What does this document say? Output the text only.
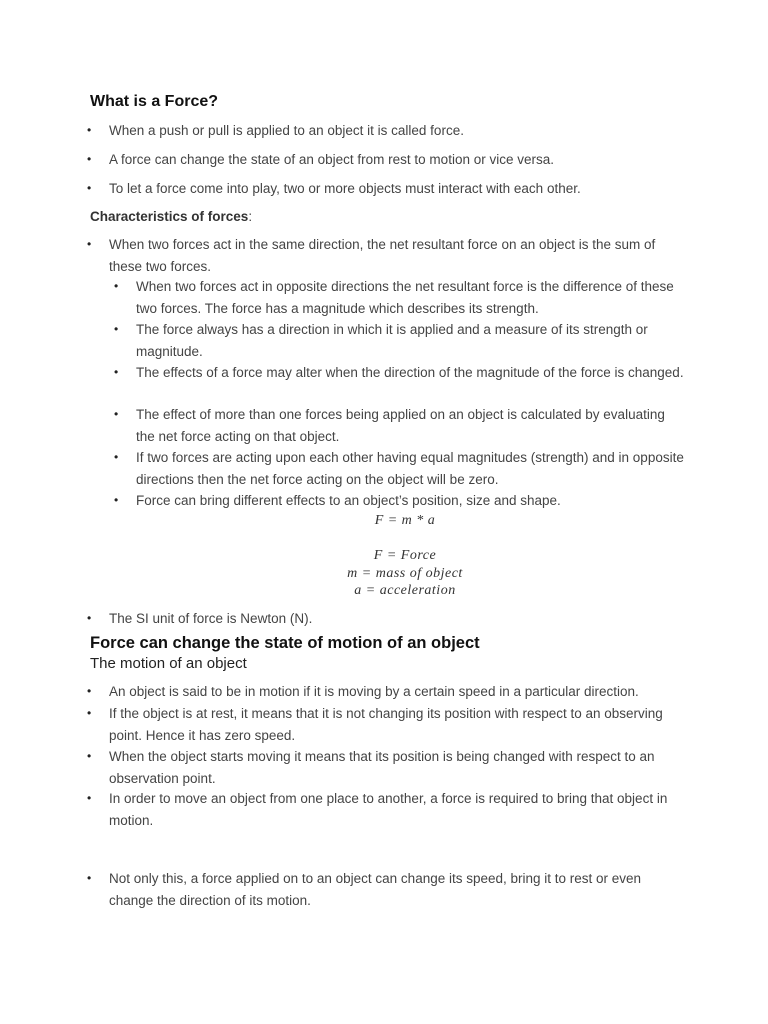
What is a Force?
• When a push or pull is applied to an object it is called force.
• A force can change the state of an object from rest to motion or vice versa.
• To let a force come into play, two or more objects must interact with each other.
Characteristics of forces:
• When two forces act in the same direction, the net resultant force on an object is the sum of these two forces.
• When two forces act in opposite directions the net resultant force is the difference of these two forces. The force has a magnitude which describes its strength.
• The force always has a direction in which it is applied and a measure of its strength or magnitude.
• The effects of a force may alter when the direction of the magnitude of the force is changed.
• The effect of more than one forces being applied on an object is calculated by evaluating the net force acting on that object.
• If two forces are acting upon each other having equal magnitudes (strength) and in opposite directions then the net force acting on the object will be zero.
• Force can bring different effects to an object’s position, size and shape.
F = m * a
F = Force
m = mass of object
a = acceleration
• The SI unit of force is Newton (N).
Force can change the state of motion of an object
The motion of an object
• An object is said to be in motion if it is moving by a certain speed in a particular direction.
• If the object is at rest, it means that it is not changing its position with respect to an observing point. Hence it has zero speed.
• When the object starts moving it means that its position is being changed with respect to an observation point.
• In order to move an object from one place to another, a force is required to bring that object in motion.
• Not only this, a force applied on to an object can change its speed, bring it to rest or even change the direction of its motion.
